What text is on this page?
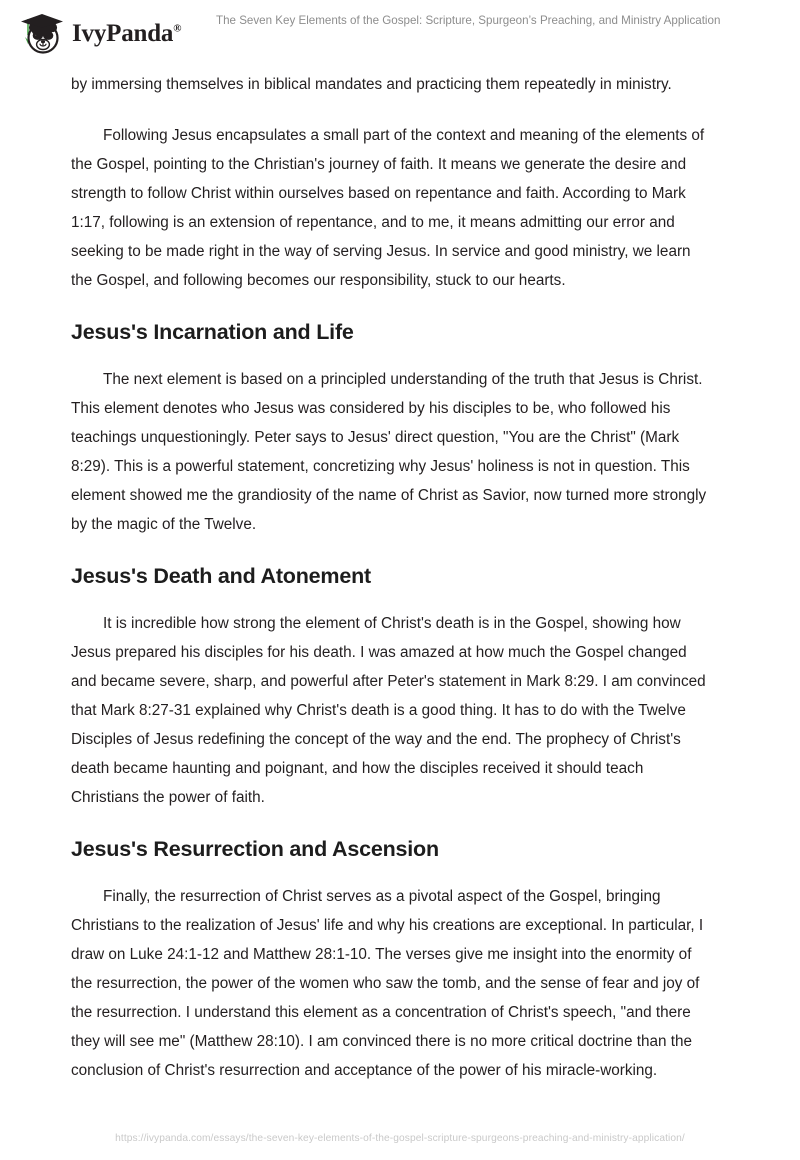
IvyPanda®
The Seven Key Elements of the Gospel: Scripture, Spurgeon’s Preaching, and Ministry Application

by immersing themselves in biblical mandates and practicing them repeatedly in ministry.

Following Jesus encapsulates a small part of the context and meaning of the elements of the Gospel, pointing to the Christian's journey of faith. It means we generate the desire and strength to follow Christ within ourselves based on repentance and faith. According to Mark 1:17, following is an extension of repentance, and to me, it means admitting our error and seeking to be made right in the way of serving Jesus. In service and good ministry, we learn the Gospel, and following becomes our responsibility, stuck to our hearts.

Jesus's Incarnation and Life

The next element is based on a principled understanding of the truth that Jesus is Christ. This element denotes who Jesus was considered by his disciples to be, who followed his teachings unquestioningly. Peter says to Jesus' direct question, "You are the Christ" (Mark 8:29). This is a powerful statement, concretizing why Jesus' holiness is not in question. This element showed me the grandiosity of the name of Christ as Savior, now turned more strongly by the magic of the Twelve.

Jesus's Death and Atonement

It is incredible how strong the element of Christ's death is in the Gospel, showing how Jesus prepared his disciples for his death. I was amazed at how much the Gospel changed and became severe, sharp, and powerful after Peter's statement in Mark 8:29. I am convinced that Mark 8:27-31 explained why Christ's death is a good thing. It has to do with the Twelve Disciples of Jesus redefining the concept of the way and the end. The prophecy of Christ's death became haunting and poignant, and how the disciples received it should teach Christians the power of faith.

Jesus's Resurrection and Ascension

Finally, the resurrection of Christ serves as a pivotal aspect of the Gospel, bringing Christians to the realization of Jesus' life and why his creations are exceptional. In particular, I draw on Luke 24:1-12 and Matthew 28:1-10. The verses give me insight into the enormity of the resurrection, the power of the women who saw the tomb, and the sense of fear and joy of the resurrection. I understand this element as a concentration of Christ's speech, "and there they will see me" (Matthew 28:10). I am convinced there is no more critical doctrine than the conclusion of Christ's resurrection and acceptance of the power of his miracle-working.

https://ivypanda.com/essays/the-seven-key-elements-of-the-gospel-scripture-spurgeons-preaching-and-ministry-application/
